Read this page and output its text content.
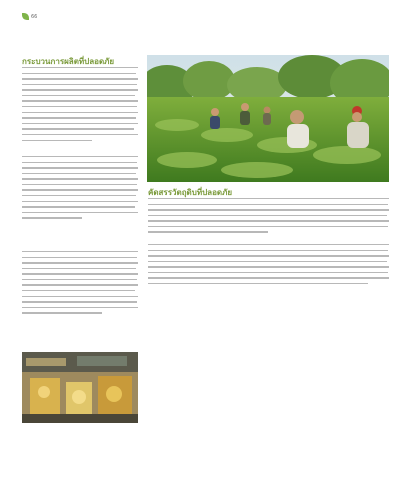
66
กระบวนการผลิตที่ปลอดภัย
คัดสรรวัตถุดิบที่ปลอดภัย
